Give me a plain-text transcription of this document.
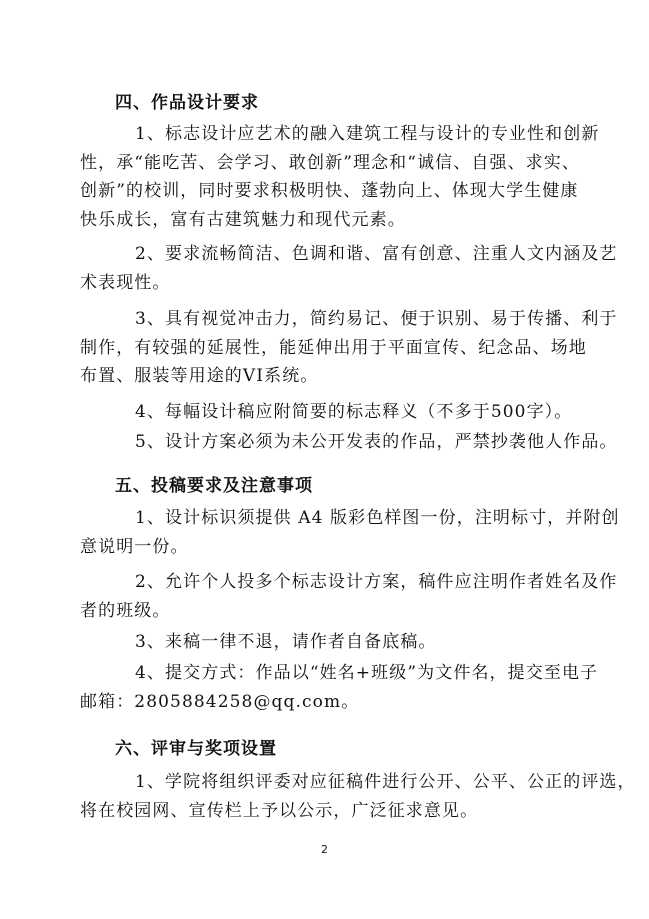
四、作品设计要求
1、标志设计应艺术的融入建筑工程与设计的专业性和创新
性，承“能吃苦、会学习、敢创新”理念和“诚信、自强、求实、
创新”的校训，同时要求积极明快、蓬勃向上、体现大学生健康
快乐成长，富有古建筑魅力和现代元素。
2、要求流畅简洁、色调和谐、富有创意、注重人文内涵及艺
术表现性。
3、具有视觉冲击力，简约易记、便于识别、易于传播、利于
制作，有较强的延展性，能延伸出用于平面宣传、纪念品、场地
布置、服装等用途的VI系统。
4、每幅设计稿应附简要的标志释义（不多于500字）。
5、设计方案必须为未公开发表的作品，严禁抄袭他人作品。
五、投稿要求及注意事项
1、设计标识须提供 A4 版彩色样图一份，注明标寸，并附创
意说明一份。
2、允许个人投多个标志设计方案，稿件应注明作者姓名及作
者的班级。
3、来稿一律不退，请作者自备底稿。
4、提交方式：作品以“姓名+班级”为文件名，提交至电子
邮箱：2805884258@qq.com。
六、评审与奖项设置
1、学院将组织评委对应征稿件进行公开、公平、公正的评选，
将在校园网、宣传栏上予以公示，广泛征求意见。
2
